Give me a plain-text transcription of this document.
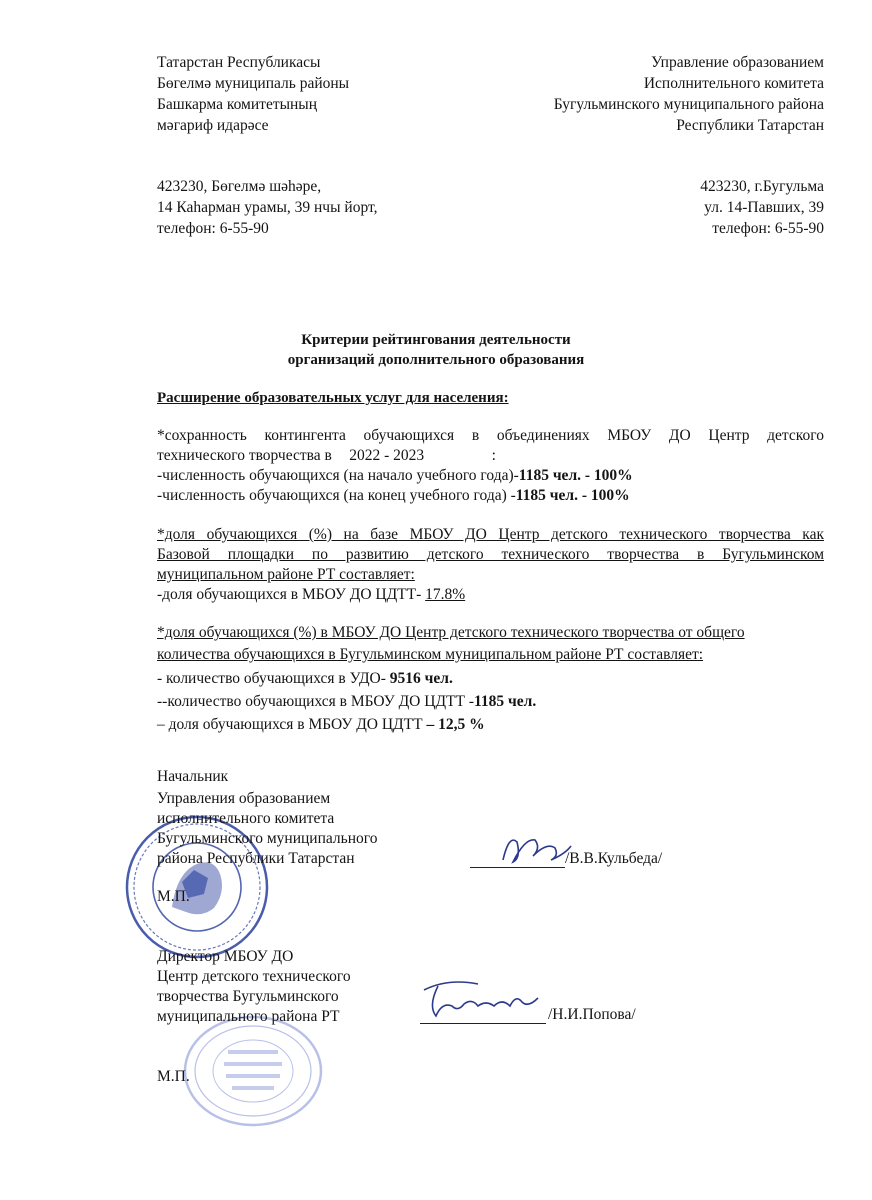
Татарстан Республикасы
Бөгелмә муниципаль районы
Башкарма комитетының
мәгариф идарәсе
423230, Бөгелмә шәһәре,
14 Каһарман урамы, 39 нчы йорт,
телефон: 6-55-90
Управление образованием
Исполнительного комитета
Бугульминского муниципального района
Республики Татарстан
423230, г.Бугульма
ул. 14-Павших, 39
телефон: 6-55-90
Критерии рейтингования деятельности
организаций дополнительного образования
Расширение образовательных услуг для населения:
*сохранность контингента обучающихся в объединениях МБОУ ДО Центр детского
технического творчества в 2022 - 2023	:
-численность обучающихся (на начало учебного года)-1185 чел. - 100%
-численность обучающихся (на конец учебного года) -1185 чел. - 100%
*доля обучающихся (%) на базе МБОУ ДО Центр детского технического творчества как
Базовой площадки по развитию детского технического творчества в Бугульминском
муниципальном районе РТ составляет:
-доля обучающихся в МБОУ ДО ЦДТТ- 17.8%
*доля обучающихся (%) в МБОУ ДО Центр детского технического творчества от общего
количества обучающихся в Бугульминском муниципальном районе РТ составляет:
- количество обучающихся в УДО- 9516 чел.
--количество обучающихся в МБОУ ДО ЦДТТ -1185 чел.
– доля обучающихся в МБОУ ДО ЦДТТ – 12,5 %
Начальник
Управления образованием
исполнительного комитета
Бугульминского муниципального
района Республики Татарстан	/В.В.Кульбеда/
М.П.
Директор МБОУ ДО
Центр детского технического
творчества Бугульминского
муниципального района РТ	/Н.И.Попова/
М.П.
